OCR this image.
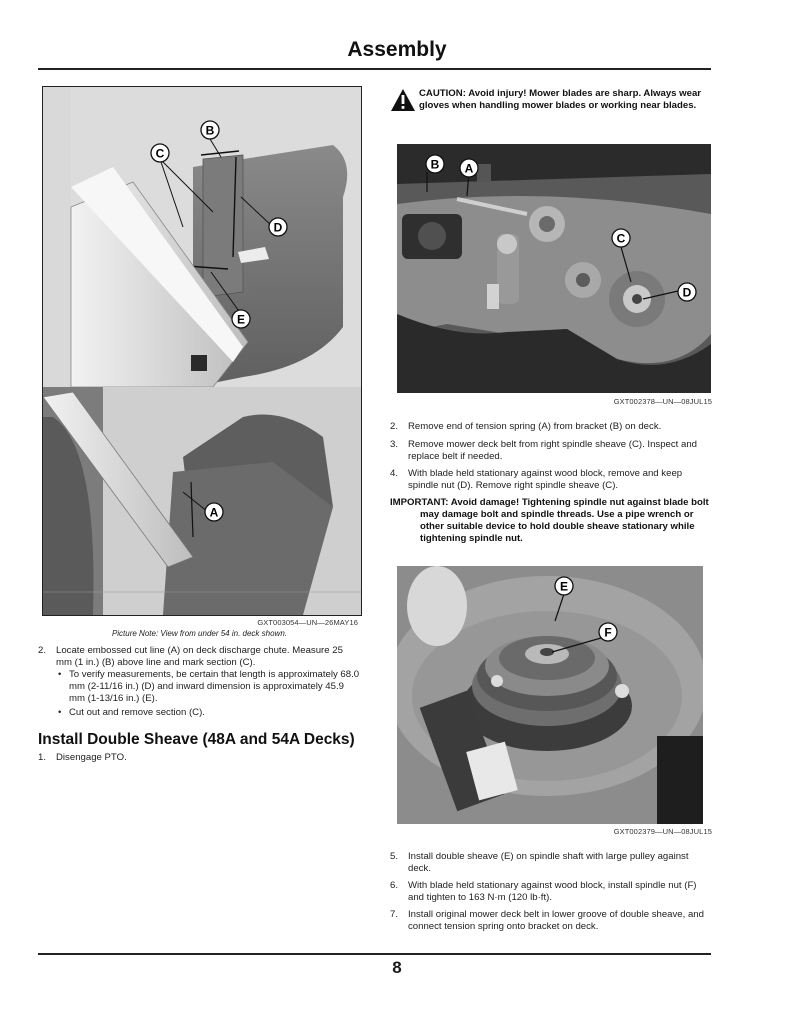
Assembly
B
C
D
E
A
GXT003054—UN—26MAY16
Picture Note: View from under 54 in. deck shown.
2. Locate embossed cut line (A) on deck discharge chute. Measure 25 mm (1 in.) (B) above line and mark section (C).
• To verify measurements, be certain that length is approximately 68.0 mm (2-11/16 in.) (D) and inward dimension is approximately 45.9 mm (1-13/16 in.) (E).
• Cut out and remove section (C).
Install Double Sheave (48A and 54A Decks)
1. Disengage PTO.
CAUTION: Avoid injury! Mower blades are sharp. Always wear gloves when handling mower blades or working near blades.
B A
C
D
GXT002378—UN—08JUL15
2. Remove end of tension spring (A) from bracket (B) on deck.
3. Remove mower deck belt from right spindle sheave (C). Inspect and replace belt if needed.
4. With blade held stationary against wood block, remove and keep spindle nut (D). Remove right spindle sheave (C).
IMPORTANT: Avoid damage! Tightening spindle nut against blade bolt may damage bolt and spindle threads. Use a pipe wrench or other suitable device to hold double sheave stationary while tightening spindle nut.
E
F
GXT002379—UN—08JUL15
5. Install double sheave (E) on spindle shaft with large pulley against deck.
6. With blade held stationary against wood block, install spindle nut (F) and tighten to 163 N·m (120 lb·ft).
7. Install original mower deck belt in lower groove of double sheave, and connect tension spring onto bracket on deck.
8
